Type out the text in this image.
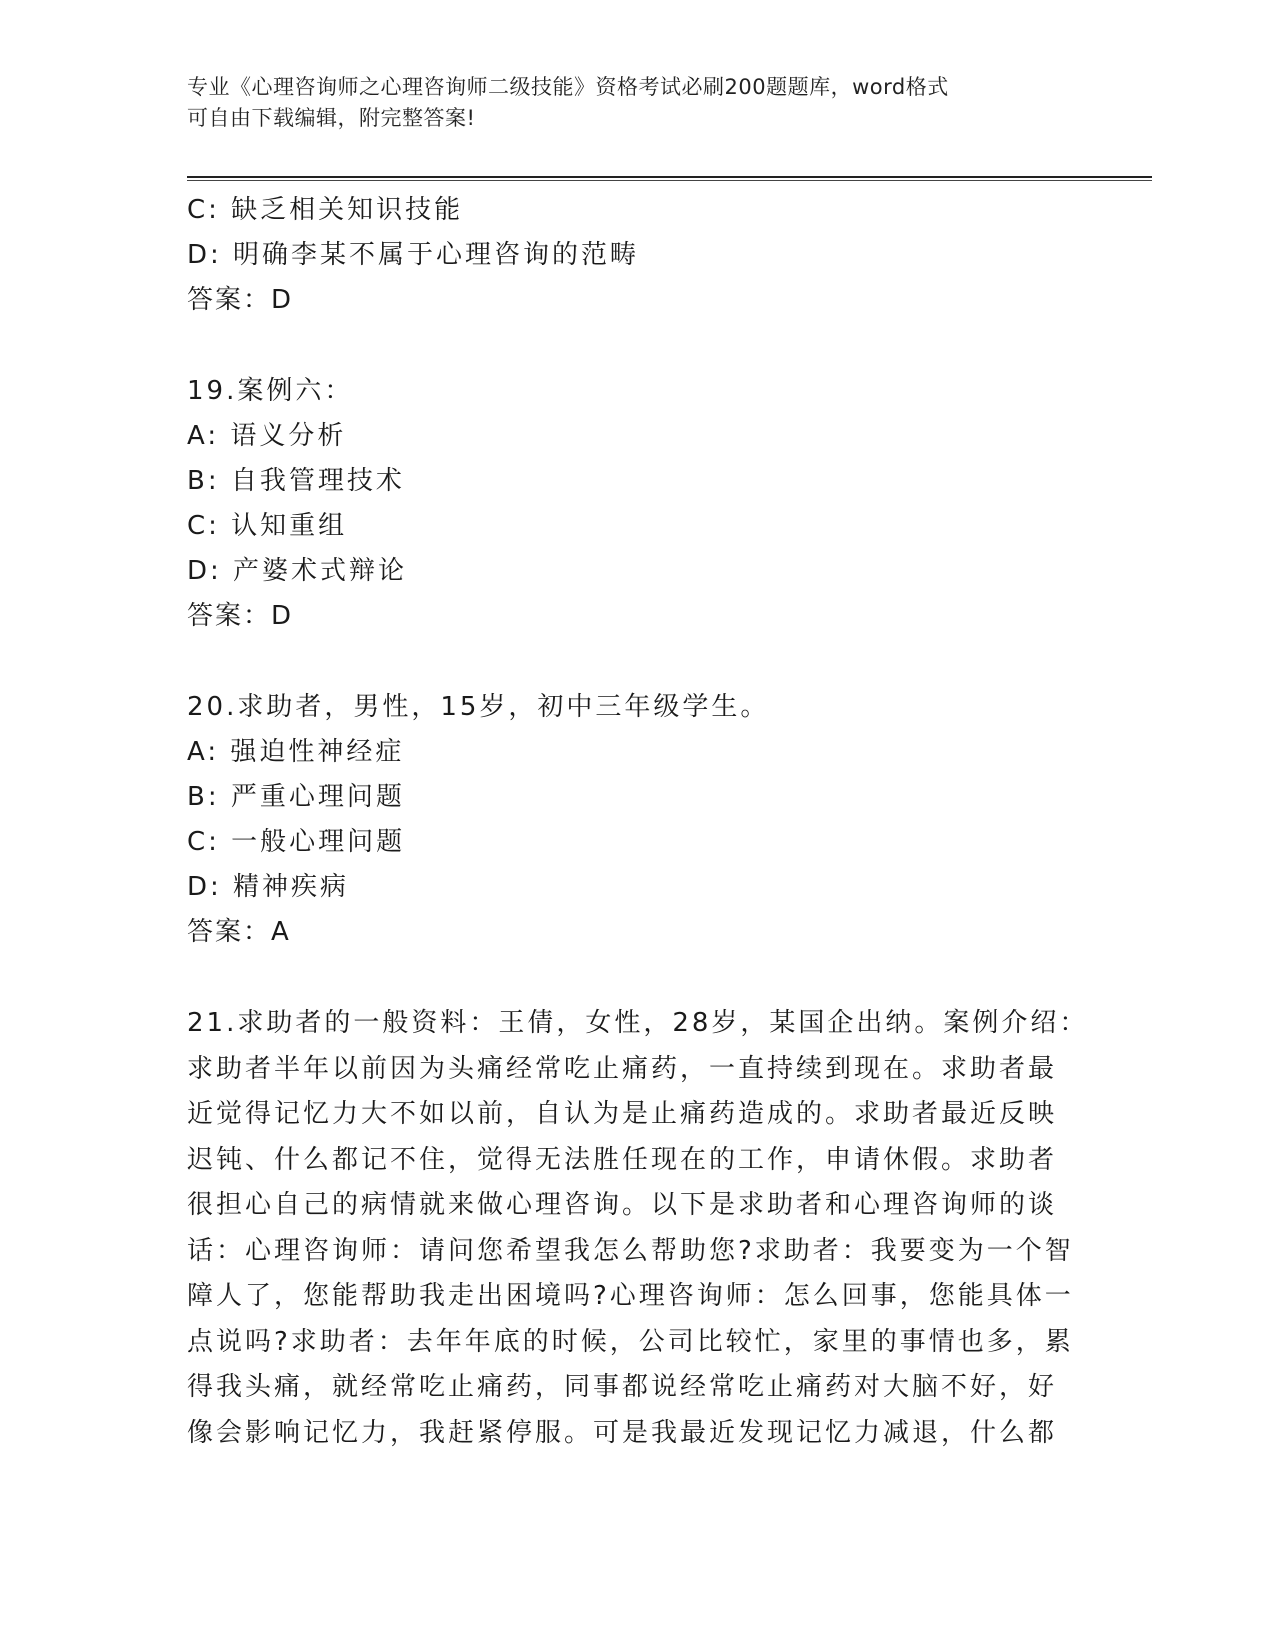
专业《心理咨询师之心理咨询师二级技能》资格考试必刷200题题库，word格式
可自由下载编辑，附完整答案!
C: 缺乏相关知识技能
D: 明确李某不属于心理咨询的范畴
答案：D
19.案例六：
A: 语义分析
B: 自我管理技术
C: 认知重组
D: 产婆术式辩论
答案：D
20.求助者，男性，15岁，初中三年级学生。
A: 强迫性神经症
B: 严重心理问题
C: 一般心理问题
D: 精神疾病
答案：A
21.求助者的一般资料：王倩，女性，28岁，某国企出纳。案例介绍：
求助者半年以前因为头痛经常吃止痛药，一直持续到现在。求助者最
近觉得记忆力大不如以前，自认为是止痛药造成的。求助者最近反映
迟钝、什么都记不住，觉得无法胜任现在的工作，申请休假。求助者
很担心自己的病情就来做心理咨询。以下是求助者和心理咨询师的谈
话：心理咨询师：请问您希望我怎么帮助您?求助者：我要变为一个智
障人了，您能帮助我走出困境吗?心理咨询师：怎么回事，您能具体一
点说吗?求助者：去年年底的时候，公司比较忙，家里的事情也多，累
得我头痛，就经常吃止痛药，同事都说经常吃止痛药对大脑不好，好
像会影响记忆力，我赶紧停服。可是我最近发现记忆力减退，什么都
